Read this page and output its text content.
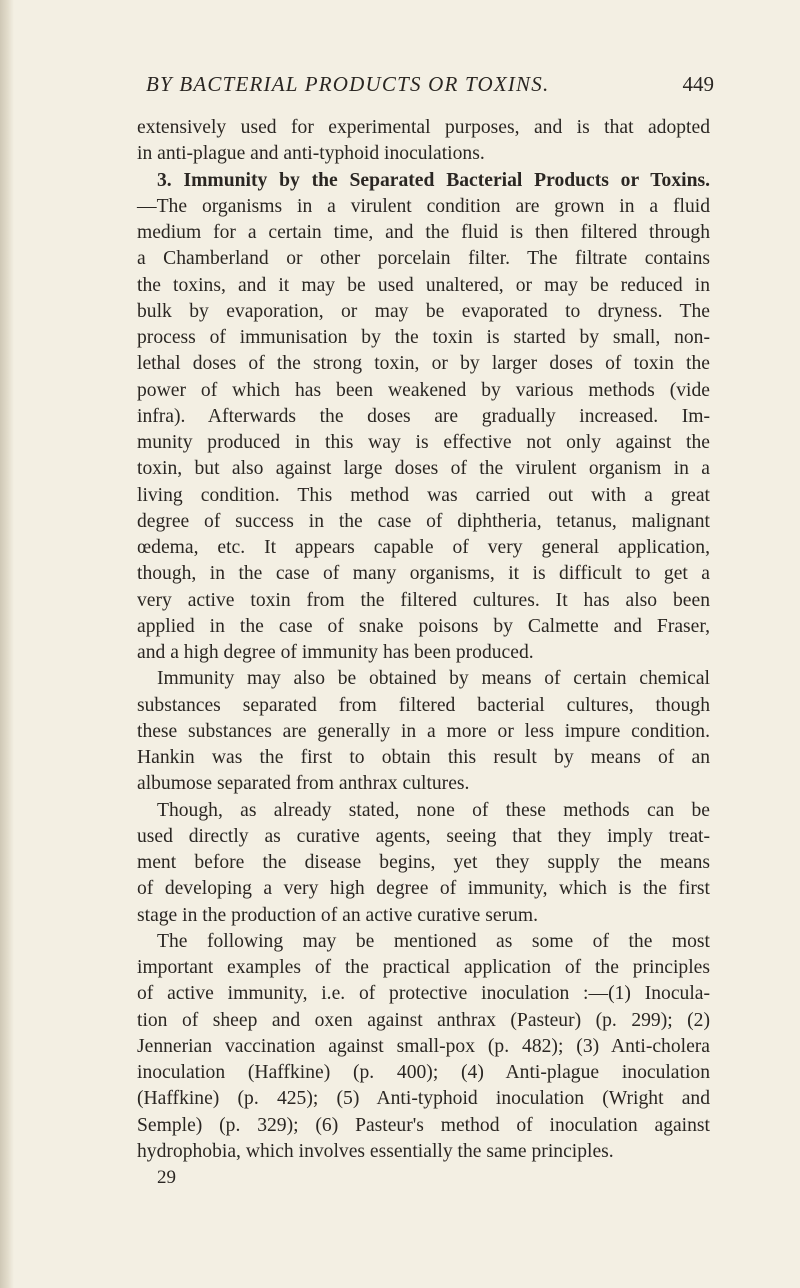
BY BACTERIAL PRODUCTS OR TOXINS.	449
extensively used for experimental purposes, and is that adopted
in anti-plague and anti-typhoid inoculations.
3. Immunity by the Separated Bacterial Products or Toxins.
—The organisms in a virulent condition are grown in a fluid
medium for a certain time, and the fluid is then filtered through
a Chamberland or other porcelain filter. The filtrate contains
the toxins, and it may be used unaltered, or may be reduced in
bulk by evaporation, or may be evaporated to dryness. The
process of immunisation by the toxin is started by small, non-
lethal doses of the strong toxin, or by larger doses of toxin the
power of which has been weakened by various methods (vide
infra). Afterwards the doses are gradually increased. Im-
munity produced in this way is effective not only against the
toxin, but also against large doses of the virulent organism in a
living condition. This method was carried out with a great
degree of success in the case of diphtheria, tetanus, malignant
œdema, etc. It appears capable of very general application,
though, in the case of many organisms, it is difficult to get a
very active toxin from the filtered cultures. It has also been
applied in the case of snake poisons by Calmette and Fraser,
and a high degree of immunity has been produced.
Immunity may also be obtained by means of certain chemical
substances separated from filtered bacterial cultures, though
these substances are generally in a more or less impure condition.
Hankin was the first to obtain this result by means of an
albumose separated from anthrax cultures.
Though, as already stated, none of these methods can be
used directly as curative agents, seeing that they imply treat-
ment before the disease begins, yet they supply the means
of developing a very high degree of immunity, which is the first
stage in the production of an active curative serum.
The following may be mentioned as some of the most
important examples of the practical application of the principles
of active immunity, i.e. of protective inoculation :—(1) Inocula-
tion of sheep and oxen against anthrax (Pasteur) (p. 299); (2)
Jennerian vaccination against small-pox (p. 482); (3) Anti-cholera
inoculation (Haffkine) (p. 400); (4) Anti-plague inoculation
(Haffkine) (p. 425); (5) Anti-typhoid inoculation (Wright and
Semple) (p. 329); (6) Pasteur's method of inoculation against
hydrophobia, which involves essentially the same principles.
29
